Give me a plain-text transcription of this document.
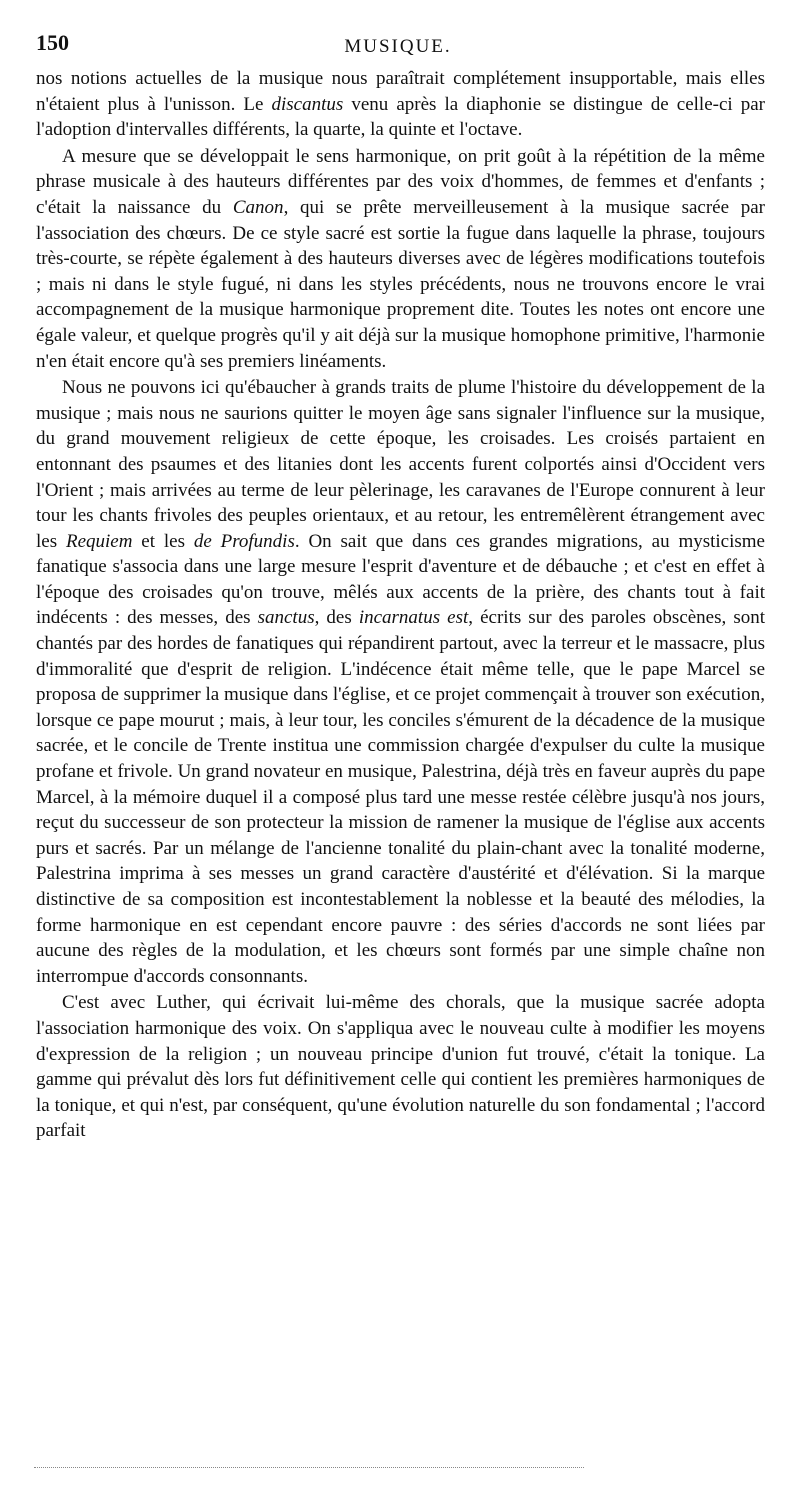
150	MUSIQUE.

nos notions actuelles de la musique nous paraîtrait complétement insupportable, mais elles n'étaient plus à l'unisson. Le discantus venu après la diaphonie se distingue de celle-ci par l'adoption d'intervalles différents, la quarte, la quinte et l'octave.

A mesure que se développait le sens harmonique, on prit goût à la répétition de la même phrase musicale à des hauteurs différentes par des voix d'hommes, de femmes et d'enfants ; c'était la naissance du Canon, qui se prête merveilleusement à la musique sacrée par l'association des chœurs. De ce style sacré est sortie la fugue dans laquelle la phrase, toujours très-courte, se répète également à des hauteurs diverses avec de légères modifications toutefois ; mais ni dans le style fugué, ni dans les styles précédents, nous ne trouvons encore le vrai accompagnement de la musique harmonique proprement dite. Toutes les notes ont encore une égale valeur, et quelque progrès qu'il y ait déjà sur la musique homophone primitive, l'harmonie n'en était encore qu'à ses premiers linéaments.

Nous ne pouvons ici qu'ébaucher à grands traits de plume l'histoire du développement de la musique ; mais nous ne saurions quitter le moyen âge sans signaler l'influence sur la musique, du grand mouvement religieux de cette époque, les croisades. Les croisés partaient en entonnant des psaumes et des litanies dont les accents furent colportés ainsi d'Occident vers l'Orient ; mais arrivées au terme de leur pèlerinage, les caravanes de l'Europe connurent à leur tour les chants frivoles des peuples orientaux, et au retour, les entremêlèrent étrangement avec les Requiem et les de Profundis. On sait que dans ces grandes migrations, au mysticisme fanatique s'associa dans une large mesure l'esprit d'aventure et de débauche ; et c'est en effet à l'époque des croisades qu'on trouve, mêlés aux accents de la prière, des chants tout à fait indécents : des messes, des sanctus, des incarnatus est, écrits sur des paroles obscènes, sont chantés par des hordes de fanatiques qui répandirent partout, avec la terreur et le massacre, plus d'immoralité que d'esprit de religion. L'indécence était même telle, que le pape Marcel se proposa de supprimer la musique dans l'église, et ce projet commençait à trouver son exécution, lorsque ce pape mourut ; mais, à leur tour, les conciles s'émurent de la décadence de la musique sacrée, et le concile de Trente institua une commission chargée d'expulser du culte la musique profane et frivole. Un grand novateur en musique, Palestrina, déjà très en faveur auprès du pape Marcel, à la mémoire duquel il a composé plus tard une messe restée célèbre jusqu'à nos jours, reçut du successeur de son protecteur la mission de ramener la musique de l'église aux accents purs et sacrés. Par un mélange de l'ancienne tonalité du plain-chant avec la tonalité moderne, Palestrina imprima à ses messes un grand caractère d'austérité et d'élévation. Si la marque distinctive de sa composition est incontestablement la noblesse et la beauté des mélodies, la forme harmonique en est cependant encore pauvre : des séries d'accords ne sont liées par aucune des règles de la modulation, et les chœurs sont formés par une simple chaîne non interrompue d'accords consonnants.

C'est avec Luther, qui écrivait lui-même des chorals, que la musique sacrée adopta l'association harmonique des voix. On s'appliqua avec le nouveau culte à modifier les moyens d'expression de la religion ; un nouveau principe d'union fut trouvé, c'était la tonique. La gamme qui prévalut dès lors fut définitivement celle qui contient les premières harmoniques de la tonique, et qui n'est, par conséquent, qu'une évolution naturelle du son fondamental ; l'accord parfait
